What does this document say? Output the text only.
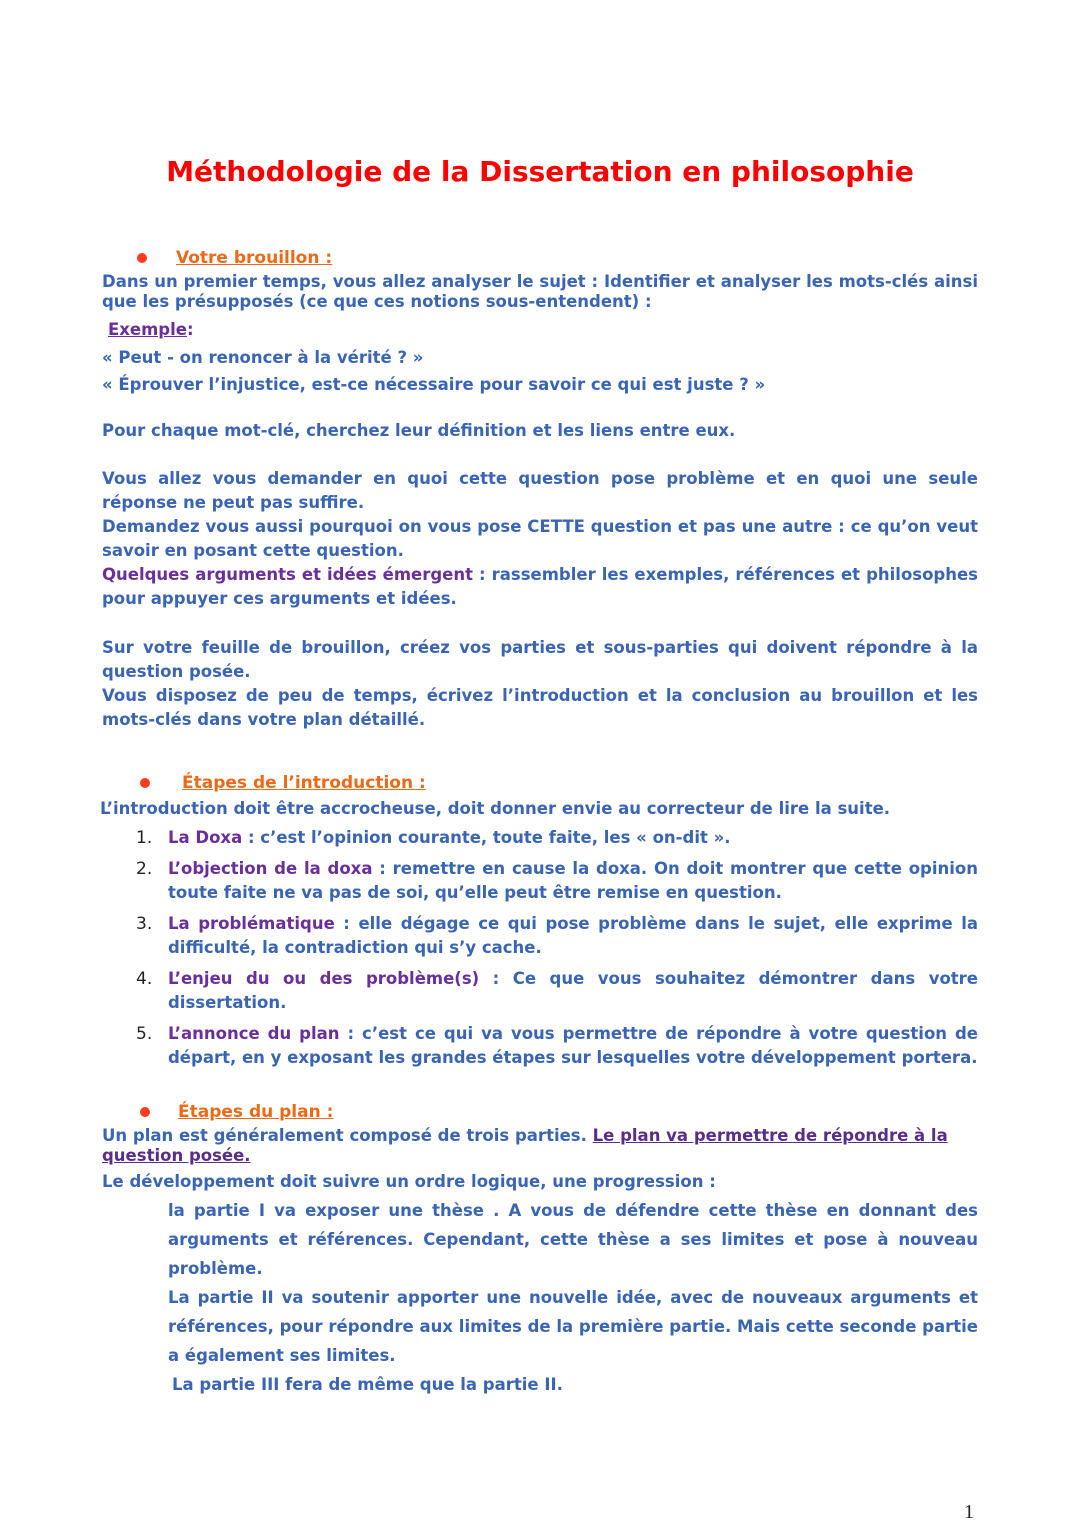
Méthodologie de la Dissertation en philosophie
Votre brouillon :

Dans un premier temps, vous allez analyser le sujet : Identifier et analyser les mots-clés ainsi que les présupposés (ce que ces notions sous-entendent) :

Exemple:

« Peut - on renoncer à la vérité ? »

« Éprouver l’injustice, est-ce nécessaire pour savoir ce qui est juste ? »

Pour chaque mot-clé, cherchez leur définition et les liens entre eux.

Vous allez vous demander en quoi cette question pose problème et en quoi une seule réponse ne peut pas suffire.

Demandez vous aussi pourquoi on vous pose CETTE question et pas une autre : ce qu’on veut savoir en posant cette question.

Quelques arguments et idées émergent : rassembler les exemples, références et philosophes pour appuyer ces arguments et idées.

Sur votre feuille de brouillon, créez vos parties et sous-parties qui doivent répondre à la question posée.

Vous disposez de peu de temps, écrivez l’introduction et la conclusion au brouillon et les mots-clés dans votre plan détaillé.

Étapes de l’introduction :

L’introduction doit être accrocheuse, doit donner envie au correcteur de lire la suite.

1. La Doxa : c’est l’opinion courante, toute faite, les « on-dit ».
2. L’objection de la doxa : remettre en cause la doxa. On doit montrer que cette opinion toute faite ne va pas de soi, qu’elle peut être remise en question.
3. La problématique : elle dégage ce qui pose problème dans le sujet, elle exprime la difficulté, la contradiction qui s’y cache.
4. L’enjeu du ou des problème(s) : Ce que vous souhaitez démontrer dans votre dissertation.
5. L’annonce du plan : c’est ce qui va vous permettre de répondre à votre question de départ, en y exposant les grandes étapes sur lesquelles votre développement portera.
Étapes du plan :

Un plan est généralement composé de trois parties. Le plan va permettre de répondre à la question posée.

Le développement doit suivre un ordre logique, une progression :

la partie I va exposer une thèse . A vous de défendre cette thèse en donnant des arguments et références. Cependant, cette thèse a ses limites et pose à nouveau problème.

La partie II va soutenir apporter une nouvelle idée, avec de nouveaux arguments et références, pour répondre aux limites de la première partie. Mais cette seconde partie a également ses limites.

La partie III fera de même que la partie II.

1
